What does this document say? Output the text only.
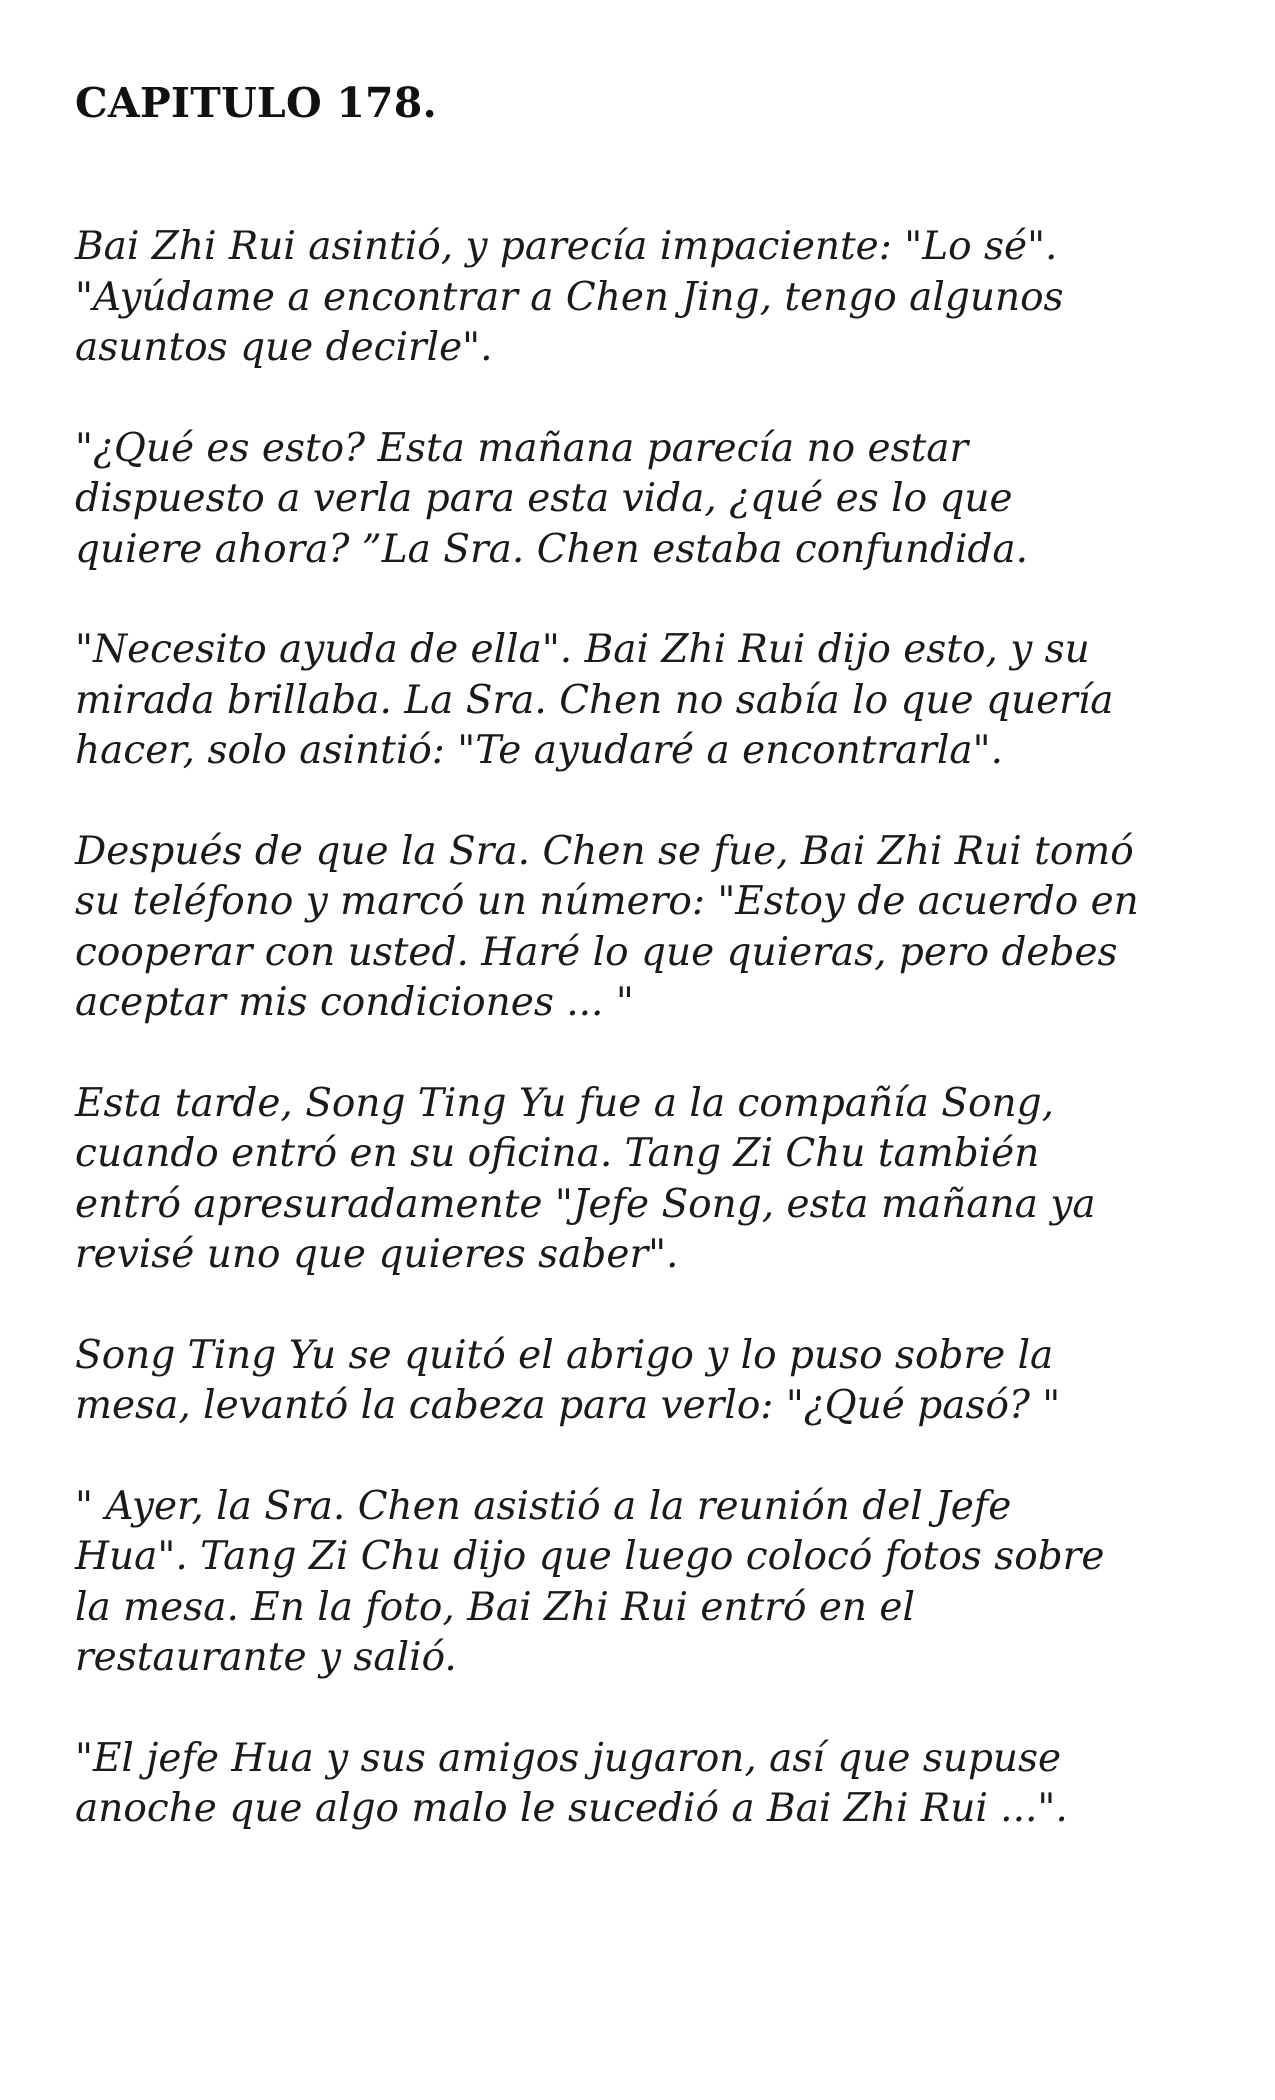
CAPITULO 178.

Bai Zhi Rui asintió, y parecía impaciente: "Lo sé".
"Ayúdame a encontrar a Chen Jing, tengo algunos
asuntos que decirle".

"¿Qué es esto? Esta mañana parecía no estar
dispuesto a verla para esta vida, ¿qué es lo que
quiere ahora? ”La Sra. Chen estaba confundida.

"Necesito ayuda de ella". Bai Zhi Rui dijo esto, y su
mirada brillaba. La Sra. Chen no sabía lo que quería
hacer, solo asintió: "Te ayudaré a encontrarla".

Después de que la Sra. Chen se fue, Bai Zhi Rui tomó
su teléfono y marcó un número: "Estoy de acuerdo en
cooperar con usted. Haré lo que quieras, pero debes
aceptar mis condiciones ... "

Esta tarde, Song Ting Yu fue a la compañía Song,
cuando entró en su oficina. Tang Zi Chu también
entró apresuradamente "Jefe Song, esta mañana ya
revisé uno que quieres saber".

Song Ting Yu se quitó el abrigo y lo puso sobre la
mesa, levantó la cabeza para verlo: "¿Qué pasó? "

" Ayer, la Sra. Chen asistió a la reunión del Jefe
Hua". Tang Zi Chu dijo que luego colocó fotos sobre
la mesa. En la foto, Bai Zhi Rui entró en el
restaurante y salió.

"El jefe Hua y sus amigos jugaron, así que supuse
anoche que algo malo le sucedió a Bai Zhi Rui ...".
